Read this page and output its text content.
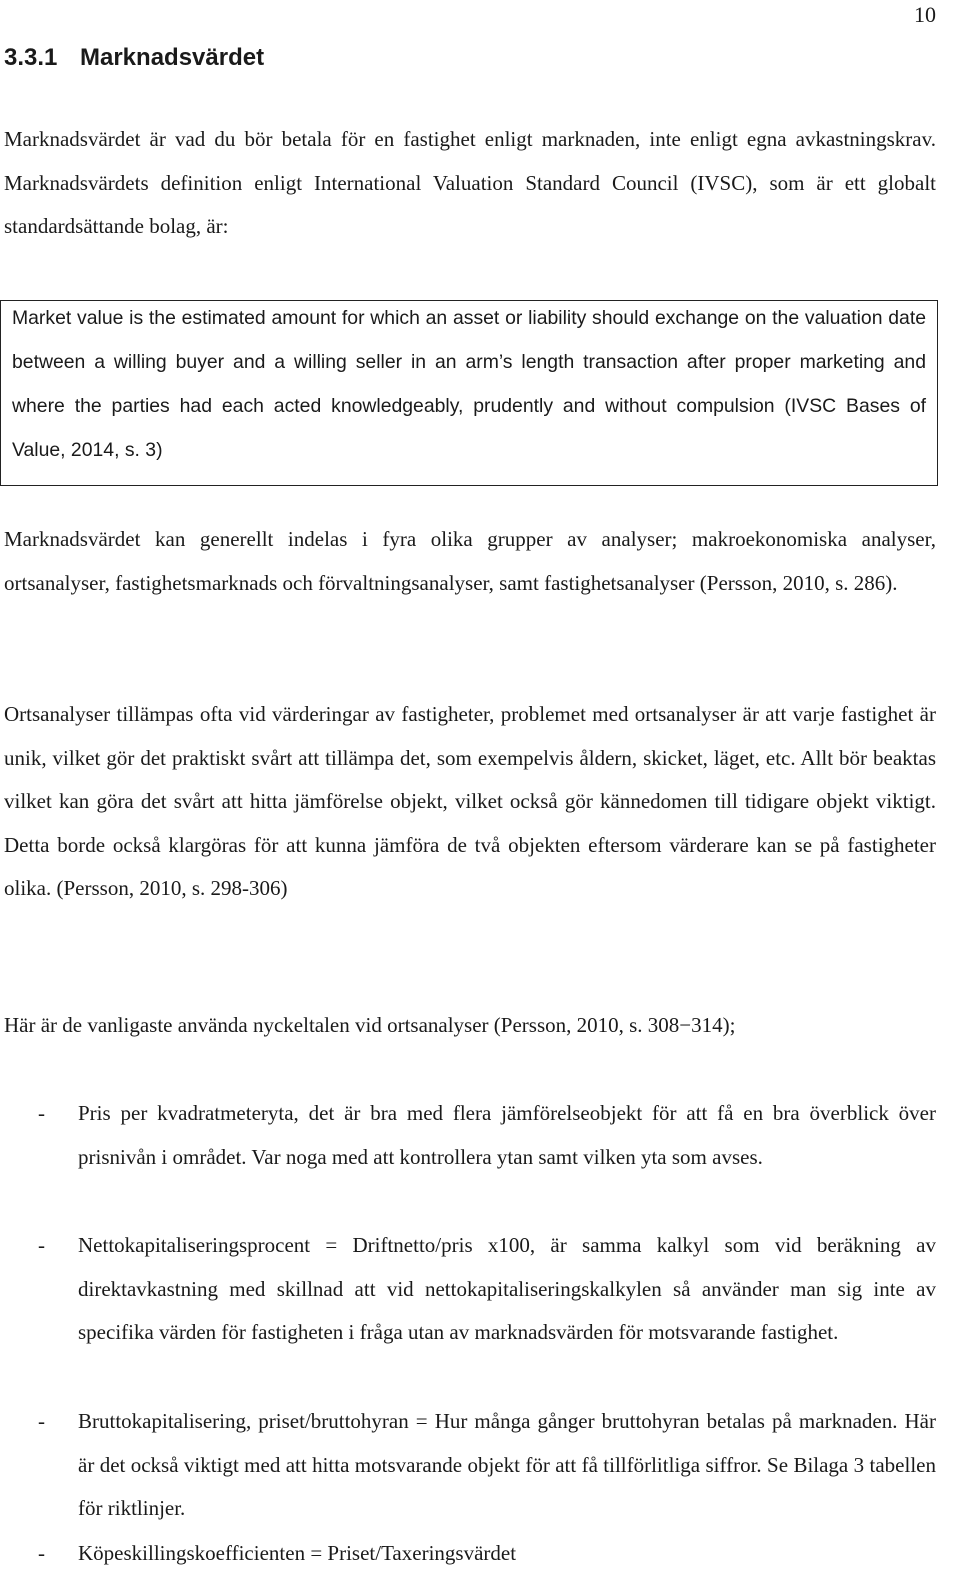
10
3.3.1 Marknadsvärdet

Marknadsvärdet är vad du bör betala för en fastighet enligt marknaden, inte enligt egna avkastningskrav. Marknadsvärdets definition enligt International Valuation Standard Council (IVSC), som är ett globalt standardsättande bolag, är:

Market value is the estimated amount for which an asset or liability should exchange on the valuation date between a willing buyer and a willing seller in an arm’s length transaction after proper marketing and where the parties had each acted knowledgeably, prudently and without compulsion (IVSC Bases of Value, 2014, s. 3)

Marknadsvärdet kan generellt indelas i fyra olika grupper av analyser; makroekonomiska analyser, ortsanalyser, fastighetsmarknads och förvaltningsanalyser, samt fastighetsanalyser (Persson, 2010, s. 286).

Ortsanalyser tillämpas ofta vid värderingar av fastigheter, problemet med ortsanalyser är att varje fastighet är unik, vilket gör det praktiskt svårt att tillämpa det, som exempelvis åldern, skicket, läget, etc. Allt bör beaktas vilket kan göra det svårt att hitta jämförelse objekt, vilket också gör kännedomen till tidigare objekt viktigt. Detta borde också klargöras för att kunna jämföra de två objekten eftersom värderare kan se på fastigheter olika. (Persson, 2010, s. 298-306)

Här är de vanligaste använda nyckeltalen vid ortsanalyser (Persson, 2010, s. 308−314);

- Pris per kvadratmeteryta, det är bra med flera jämförelseobjekt för att få en bra överblick över prisnivån i området. Var noga med att kontrollera ytan samt vilken yta som avses.
- Nettokapitaliseringsprocent = Driftnetto/pris x100, är samma kalkyl som vid beräkning av direktavkastning med skillnad att vid nettokapitaliseringskalkylen så använder man sig inte av specifika värden för fastigheten i fråga utan av marknadsvärden för motsvarande fastighet.
- Bruttokapitalisering, priset/bruttohyran = Hur många gånger bruttohyran betalas på marknaden. Här är det också viktigt med att hitta motsvarande objekt för att få tillförlitliga siffror. Se Bilaga 3 tabellen för riktlinjer.
- Köpeskillingskoefficienten = Priset/Taxeringsvärdet
